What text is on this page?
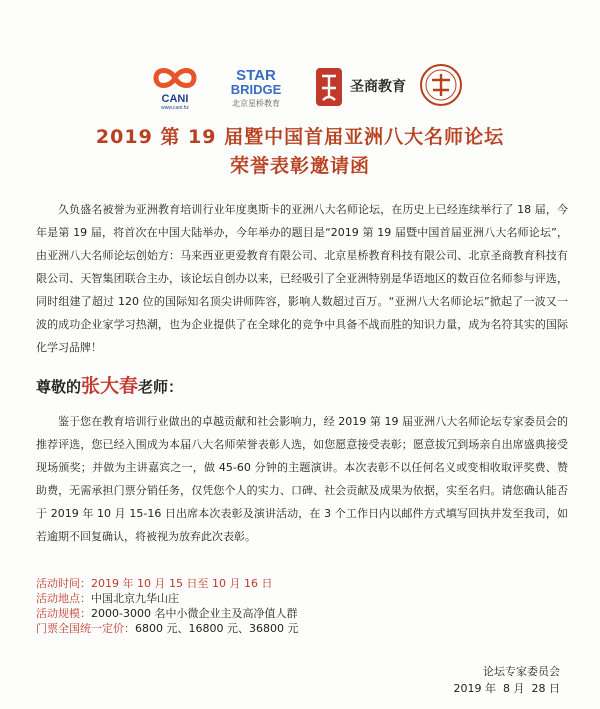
CANI
www.cani.hz
STAR
BRIDGE
北京星桥教育
圣商教育
2019 第 19 届暨中国首届亚洲八大名师论坛
荣誉表彰邀请函

久负盛名被誉为亚洲教育培训行业年度奥斯卡的亚洲八大名师论坛，在历史上已经连续举行了 18 届，今年是第 19 届，将首次在中国大陆举办，今年举办的题目是“2019 第 19 届暨中国首届亚洲八大名师论坛”，由亚洲八大名师论坛创始方：马来西亚更爱教育有限公司、北京星桥教育科技有限公司、北京圣商教育科技有限公司、天智集团联合主办，该论坛自创办以来，已经吸引了全亚洲特别是华语地区的数百位名师参与评选，同时组建了超过 120 位的国际知名顶尖讲师阵容，影响人数超过百万。“亚洲八大名师论坛”掀起了一波又一波的成功企业家学习热潮，也为企业提供了在全球化的竞争中具备不战而胜的知识力量，成为名符其实的国际化学习品牌！

尊敬的张大春老师：

鉴于您在教育培训行业做出的卓越贡献和社会影响力，经 2019 第 19 届亚洲八大名师论坛专家委员会的推荐评选，您已经入围成为本届八大名师荣誉表彰人选，如您愿意接受表彰；愿意拔冗到场亲自出席盛典接受现场颁奖；并做为主讲嘉宾之一，做 45-60 分钟的主题演讲。本次表彰不以任何名义或变相收取评奖费、赞助费，无需承担门票分销任务，仅凭您个人的实力、口碑、社会贡献及成果为依据，实至名归。请您确认能否于 2019 年 10 月 15-16 日出席本次表彰及演讲活动，在 3 个工作日内以邮件方式填写回执并发至我司，如若逾期不回复确认，将被视为放弃此次表彰。

活动时间：2019 年 10 月 15 日至 10 月 16 日
活动地点：中国北京九华山庄
活动规模：2000-3000 名中小微企业主及高净值人群
门票全国统一定价：6800 元、16800 元、36800 元
论坛专家委员会
2019 年  8 月  28 日
